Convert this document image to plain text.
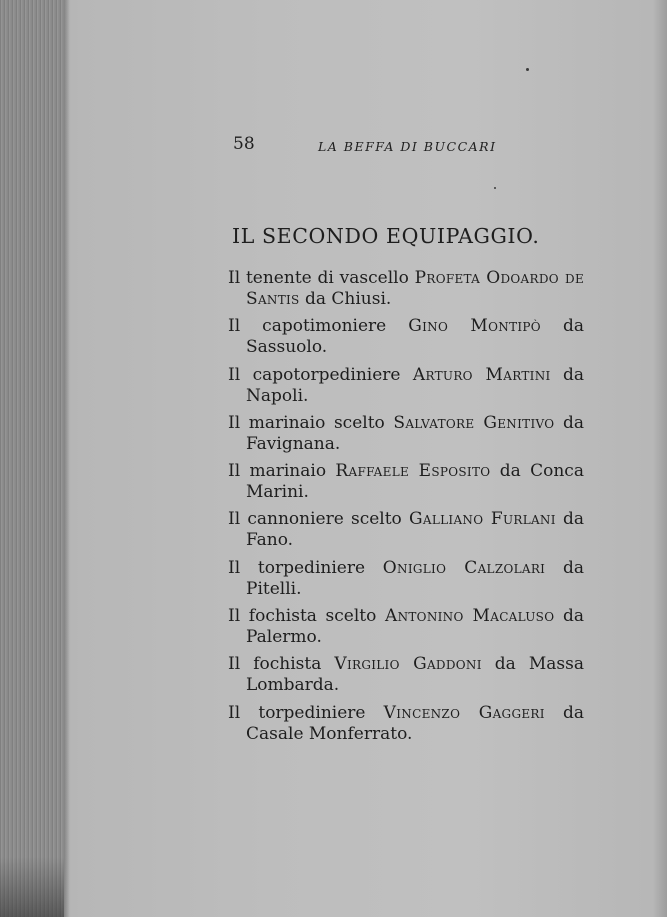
58	LA BEFFA DI BUCCARI

IL SECONDO EQUIPAGGIO.
Il tenente di vascello Profeta Odoardo de Santis da Chiusi.
Il capotimoniere Gino Montipò da Sassuolo.
Il capotorpediniere Arturo Martini da Napoli.
Il marinaio scelto Salvatore Genitivo da Favignana.
Il marinaio Raffaele Esposito da Conca Marini.
Il cannoniere scelto Galliano Furlani da Fano.
Il torpediniere Oniglio Calzolari da Pitelli.
Il fochista scelto Antonino Macaluso da Palermo.
Il fochista Virgilio Gaddoni da Massa Lombarda.
Il torpediniere Vincenzo Gaggeri da Casale Monferrato.
